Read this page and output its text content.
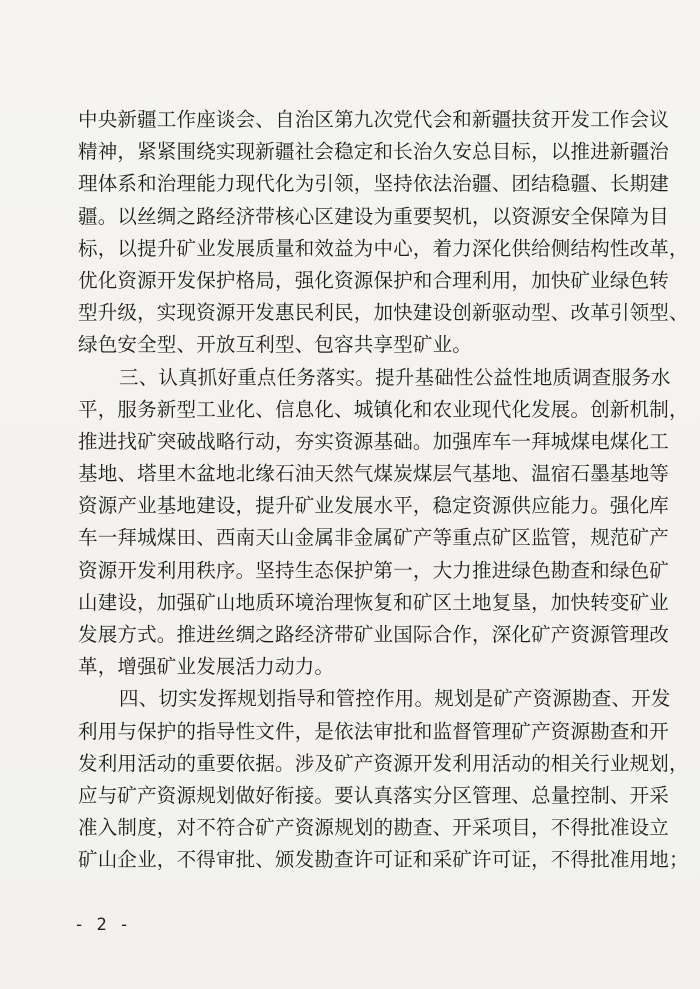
中央新疆工作座谈会、自治区第九次党代会和新疆扶贫开发工作会议
精神，紧紧围绕实现新疆社会稳定和长治久安总目标，以推进新疆治
理体系和治理能力现代化为引领，坚持依法治疆、团结稳疆、长期建
疆。以丝绸之路经济带核心区建设为重要契机，以资源安全保障为目
标，以提升矿业发展质量和效益为中心，着力深化供给侧结构性改革，
优化资源开发保护格局，强化资源保护和合理利用，加快矿业绿色转
型升级，实现资源开发惠民利民，加快建设创新驱动型、改革引领型、
绿色安全型、开放互利型、包容共享型矿业。
三、认真抓好重点任务落实。提升基础性公益性地质调查服务水
平，服务新型工业化、信息化、城镇化和农业现代化发展。创新机制，
推进找矿突破战略行动，夯实资源基础。加强库车一拜城煤电煤化工
基地、塔里木盆地北缘石油天然气煤炭煤层气基地、温宿石墨基地等
资源产业基地建设，提升矿业发展水平，稳定资源供应能力。强化库
车一拜城煤田、西南天山金属非金属矿产等重点矿区监管，规范矿产
资源开发利用秩序。坚持生态保护第一，大力推进绿色勘查和绿色矿
山建设，加强矿山地质环境治理恢复和矿区土地复垦，加快转变矿业
发展方式。推进丝绸之路经济带矿业国际合作，深化矿产资源管理改
革，增强矿业发展活力动力。
四、切实发挥规划指导和管控作用。规划是矿产资源勘查、开发
利用与保护的指导性文件，是依法审批和监督管理矿产资源勘查和开
发利用活动的重要依据。涉及矿产资源开发利用活动的相关行业规划，
应与矿产资源规划做好衔接。要认真落实分区管理、总量控制、开采
准入制度，对不符合矿产资源规划的勘查、开采项目，不得批准设立
矿山企业，不得审批、颁发勘查许可证和采矿许可证，不得批准用地；
- 2 -
